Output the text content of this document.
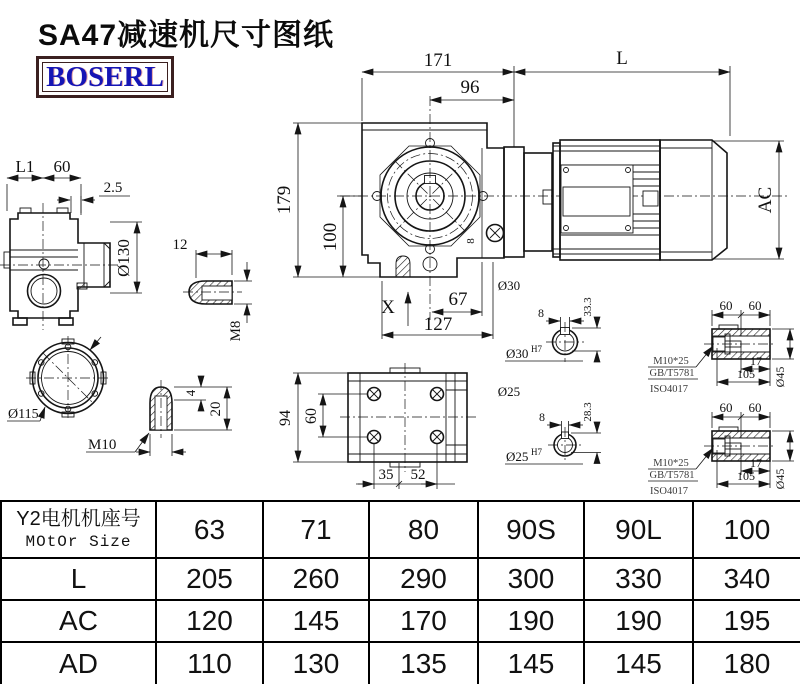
SA47减速机尺寸图纸
BOSERL
8
171
96
L
AC
179
100
X	67
127
L1 60
2.5
Ø130	12
M8
Ø115
4
20
M10
94 60
35 52
Ø30
8	33.3
Ø30 H7
Ø25
8	28.3
Ø25 H7
60 60
17
105 Ø45
M10*25
GB/T5781
ISO4017
60 60
17
105 Ø45
M10*25
GB/T5781
ISO4017
Y2电机机座号
MOtOr Size	63	71	80	90S	90L	100
L	205	260	290	300	330	340
AC	120	145	170	190	190	195
AD	110	130	135	145	145	180
